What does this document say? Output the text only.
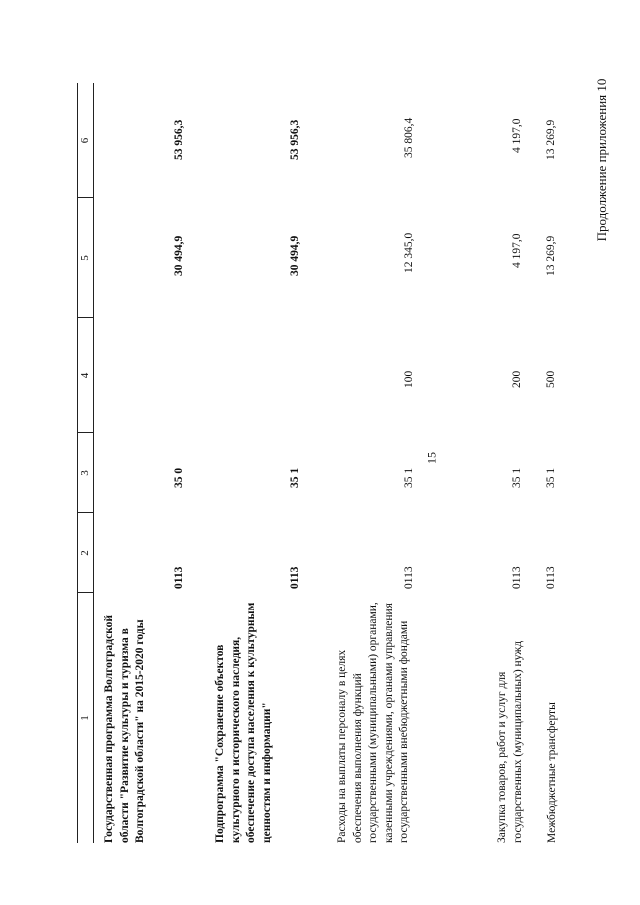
15
Продолжение приложения 10
1
2
3
4
5
6
Государственная программа Волгоградской области "Развитие культуры и туризма в Волгоградской области" на 2015-2020 годы
0113
35 0
30 494,9
53 956,3
Подпрограмма "Сохранение объектов культурного и исторического наследия, обеспечение доступа населения к культурным ценностям и информации"
0113
35 1
30 494,9
53 956,3
Расходы на выплаты персоналу в целях обеспечения выполнения функций государственными (муниципальными) органами, казенными учреждениями, органами управления государственными внебюджетными фондами
0113
35 1
100
12 345,0
35 806,4
Закупка товаров, работ и услуг для государственных (муниципальных) нужд
0113
35 1
200
4 197,0
4 197,0
Межбюджетные трансферты
0113
35 1
500
13 269,9
13 269,9
